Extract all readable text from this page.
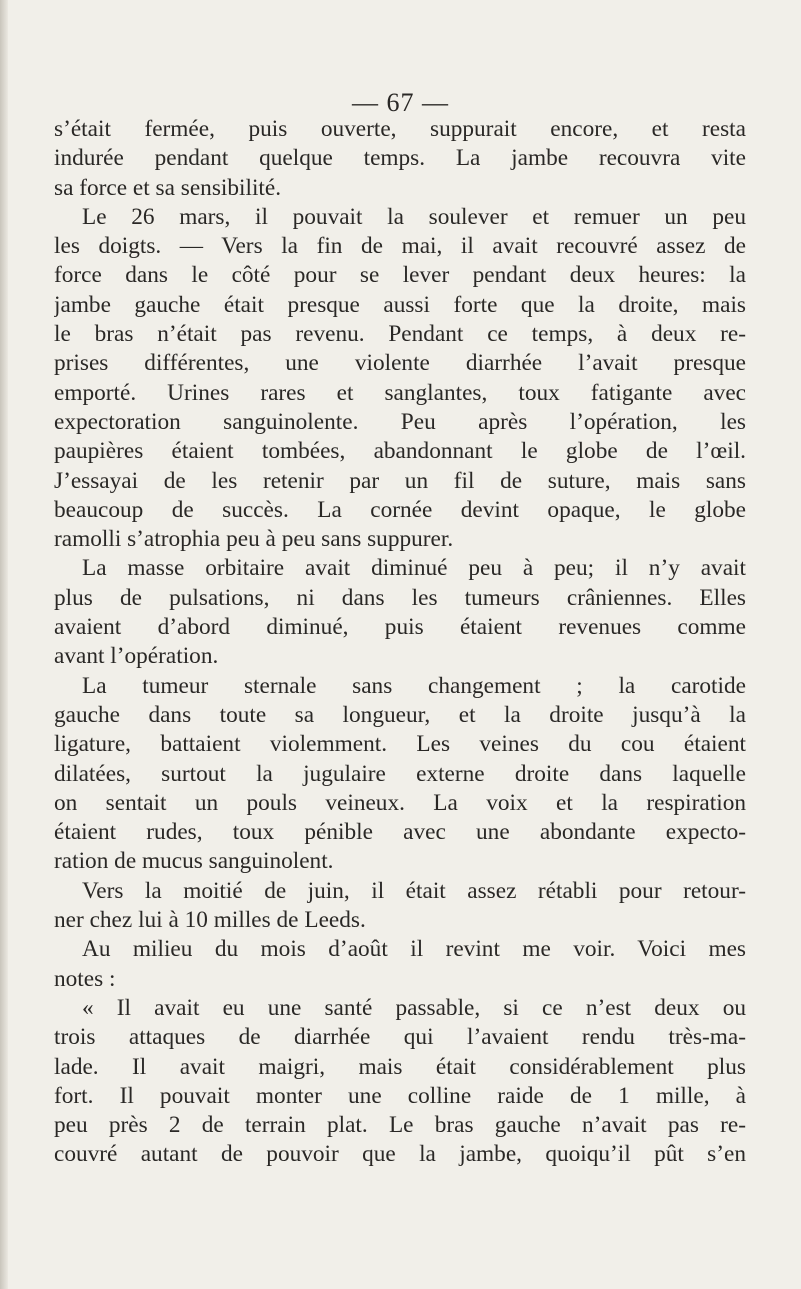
— 67 —
s’était fermée, puis ouverte, suppurait encore, et resta
indurée pendant quelque temps. La jambe recouvra vite
sa force et sa sensibilité.
Le 26 mars, il pouvait la soulever et remuer un peu
les doigts. — Vers la fin de mai, il avait recouvré assez de
force dans le côté pour se lever pendant deux heures: la
jambe gauche était presque aussi forte que la droite, mais
le bras n’était pas revenu. Pendant ce temps, à deux re-
prises différentes, une violente diarrhée l’avait presque
emporté. Urines rares et sanglantes, toux fatigante avec
expectoration sanguinolente. Peu après l’opération, les
paupières étaient tombées, abandonnant le globe de l’œil.
J’essayai de les retenir par un fil de suture, mais sans
beaucoup de succès. La cornée devint opaque, le globe
ramolli s’atrophia peu à peu sans suppurer.
La masse orbitaire avait diminué peu à peu; il n’y avait
plus de pulsations, ni dans les tumeurs crâniennes. Elles
avaient d’abord diminué, puis étaient revenues comme
avant l’opération.
La tumeur sternale sans changement ; la carotide
gauche dans toute sa longueur, et la droite jusqu’à la
ligature, battaient violemment. Les veines du cou étaient
dilatées, surtout la jugulaire externe droite dans laquelle
on sentait un pouls veineux. La voix et la respiration
étaient rudes, toux pénible avec une abondante expecto-
ration de mucus sanguinolent.
Vers la moitié de juin, il était assez rétabli pour retour-
ner chez lui à 10 milles de Leeds.
Au milieu du mois d’août il revint me voir. Voici mes
notes :
« Il avait eu une santé passable, si ce n’est deux ou
trois attaques de diarrhée qui l’avaient rendu très-ma-
lade. Il avait maigri, mais était considérablement plus
fort. Il pouvait monter une colline raide de 1 mille, à
peu près 2 de terrain plat. Le bras gauche n’avait pas re-
couvré autant de pouvoir que la jambe, quoiqu’il pût s’en
